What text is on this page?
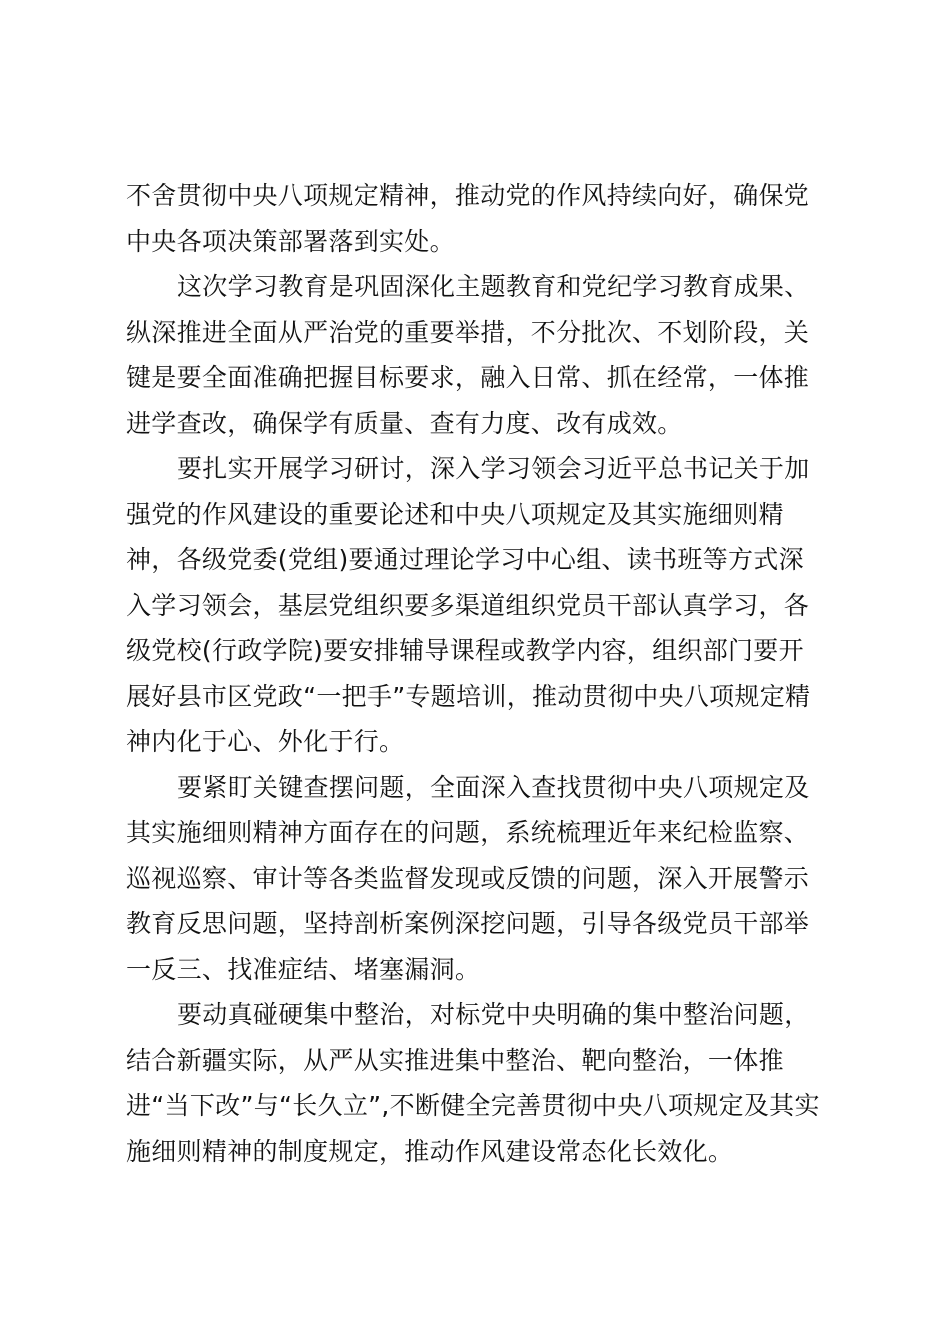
不舍贯彻中央八项规定精神，推动党的作风持续向好，确保党
中央各项决策部署落到实处。
这次学习教育是巩固深化主题教育和党纪学习教育成果、
纵深推进全面从严治党的重要举措，不分批次、不划阶段，关
键是要全面准确把握目标要求，融入日常、抓在经常，一体推
进学查改，确保学有质量、查有力度、改有成效。
要扎实开展学习研讨，深入学习领会习近平总书记关于加
强党的作风建设的重要论述和中央八项规定及其实施细则精
神，各级党委(党组)要通过理论学习中心组、读书班等方式深
入学习领会，基层党组织要多渠道组织党员干部认真学习，各
级党校(行政学院)要安排辅导课程或教学内容，组织部门要开
展好县市区党政“一把手”专题培训，推动贯彻中央八项规定精
神内化于心、外化于行。
要紧盯关键查摆问题，全面深入查找贯彻中央八项规定及
其实施细则精神方面存在的问题，系统梳理近年来纪检监察、
巡视巡察、审计等各类监督发现或反馈的问题，深入开展警示
教育反思问题，坚持剖析案例深挖问题，引导各级党员干部举
一反三、找准症结、堵塞漏洞。
要动真碰硬集中整治，对标党中央明确的集中整治问题，
结合新疆实际，从严从实推进集中整治、靶向整治，一体推
进“当下改”与“长久立”,不断健全完善贯彻中央八项规定及其实
施细则精神的制度规定，推动作风建设常态化长效化。
